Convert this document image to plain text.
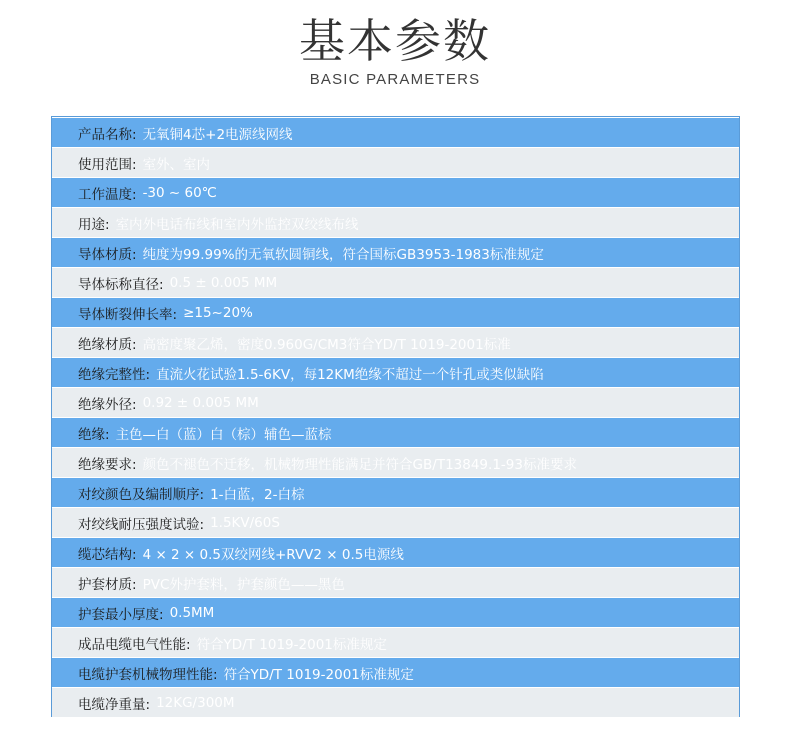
基本参数
BASIC PARAMETERS
产品名称: 无氧铜4芯+2电源线网线
使用范围: 室外、室内
工作温度: -30 ~ 60℃
用途: 室内外电话布线和室内外监控双绞线布线
导体材质: 纯度为99.99%的无氧软圆铜线，符合国标GB3953-1983标准规定
导体标称直径: 0.5 ± 0.005 MM
导体断裂伸长率: ≥15~20%
绝缘材质: 高密度聚乙烯，密度0.960G/CM3符合YD/T 1019-2001标准
绝缘完整性: 直流火花试验1.5-6KV，每12KM绝缘不超过一个针孔或类似缺陷
绝缘外径: 0.92 ± 0.005 MM
绝缘: 主色—白（蓝）白（棕）辅色—蓝棕
绝缘要求: 颜色不褪色不迁移，机械物理性能满足并符合GB/T13849.1-93标准要求
对绞颜色及编制顺序: 1-白蓝，2-白棕
对绞线耐压强度试验: 1.5KV/60S
缆芯结构: 4 × 2 × 0.5双绞网线+RVV2 × 0.5电源线
护套材质: PVC外护套料，护套颜色——黑色
护套最小厚度: 0.5MM
成品电缆电气性能: 符合YD/T 1019-2001标准规定
电缆护套机械物理性能: 符合YD/T 1019-2001标准规定
电缆净重量: 12KG/300M
